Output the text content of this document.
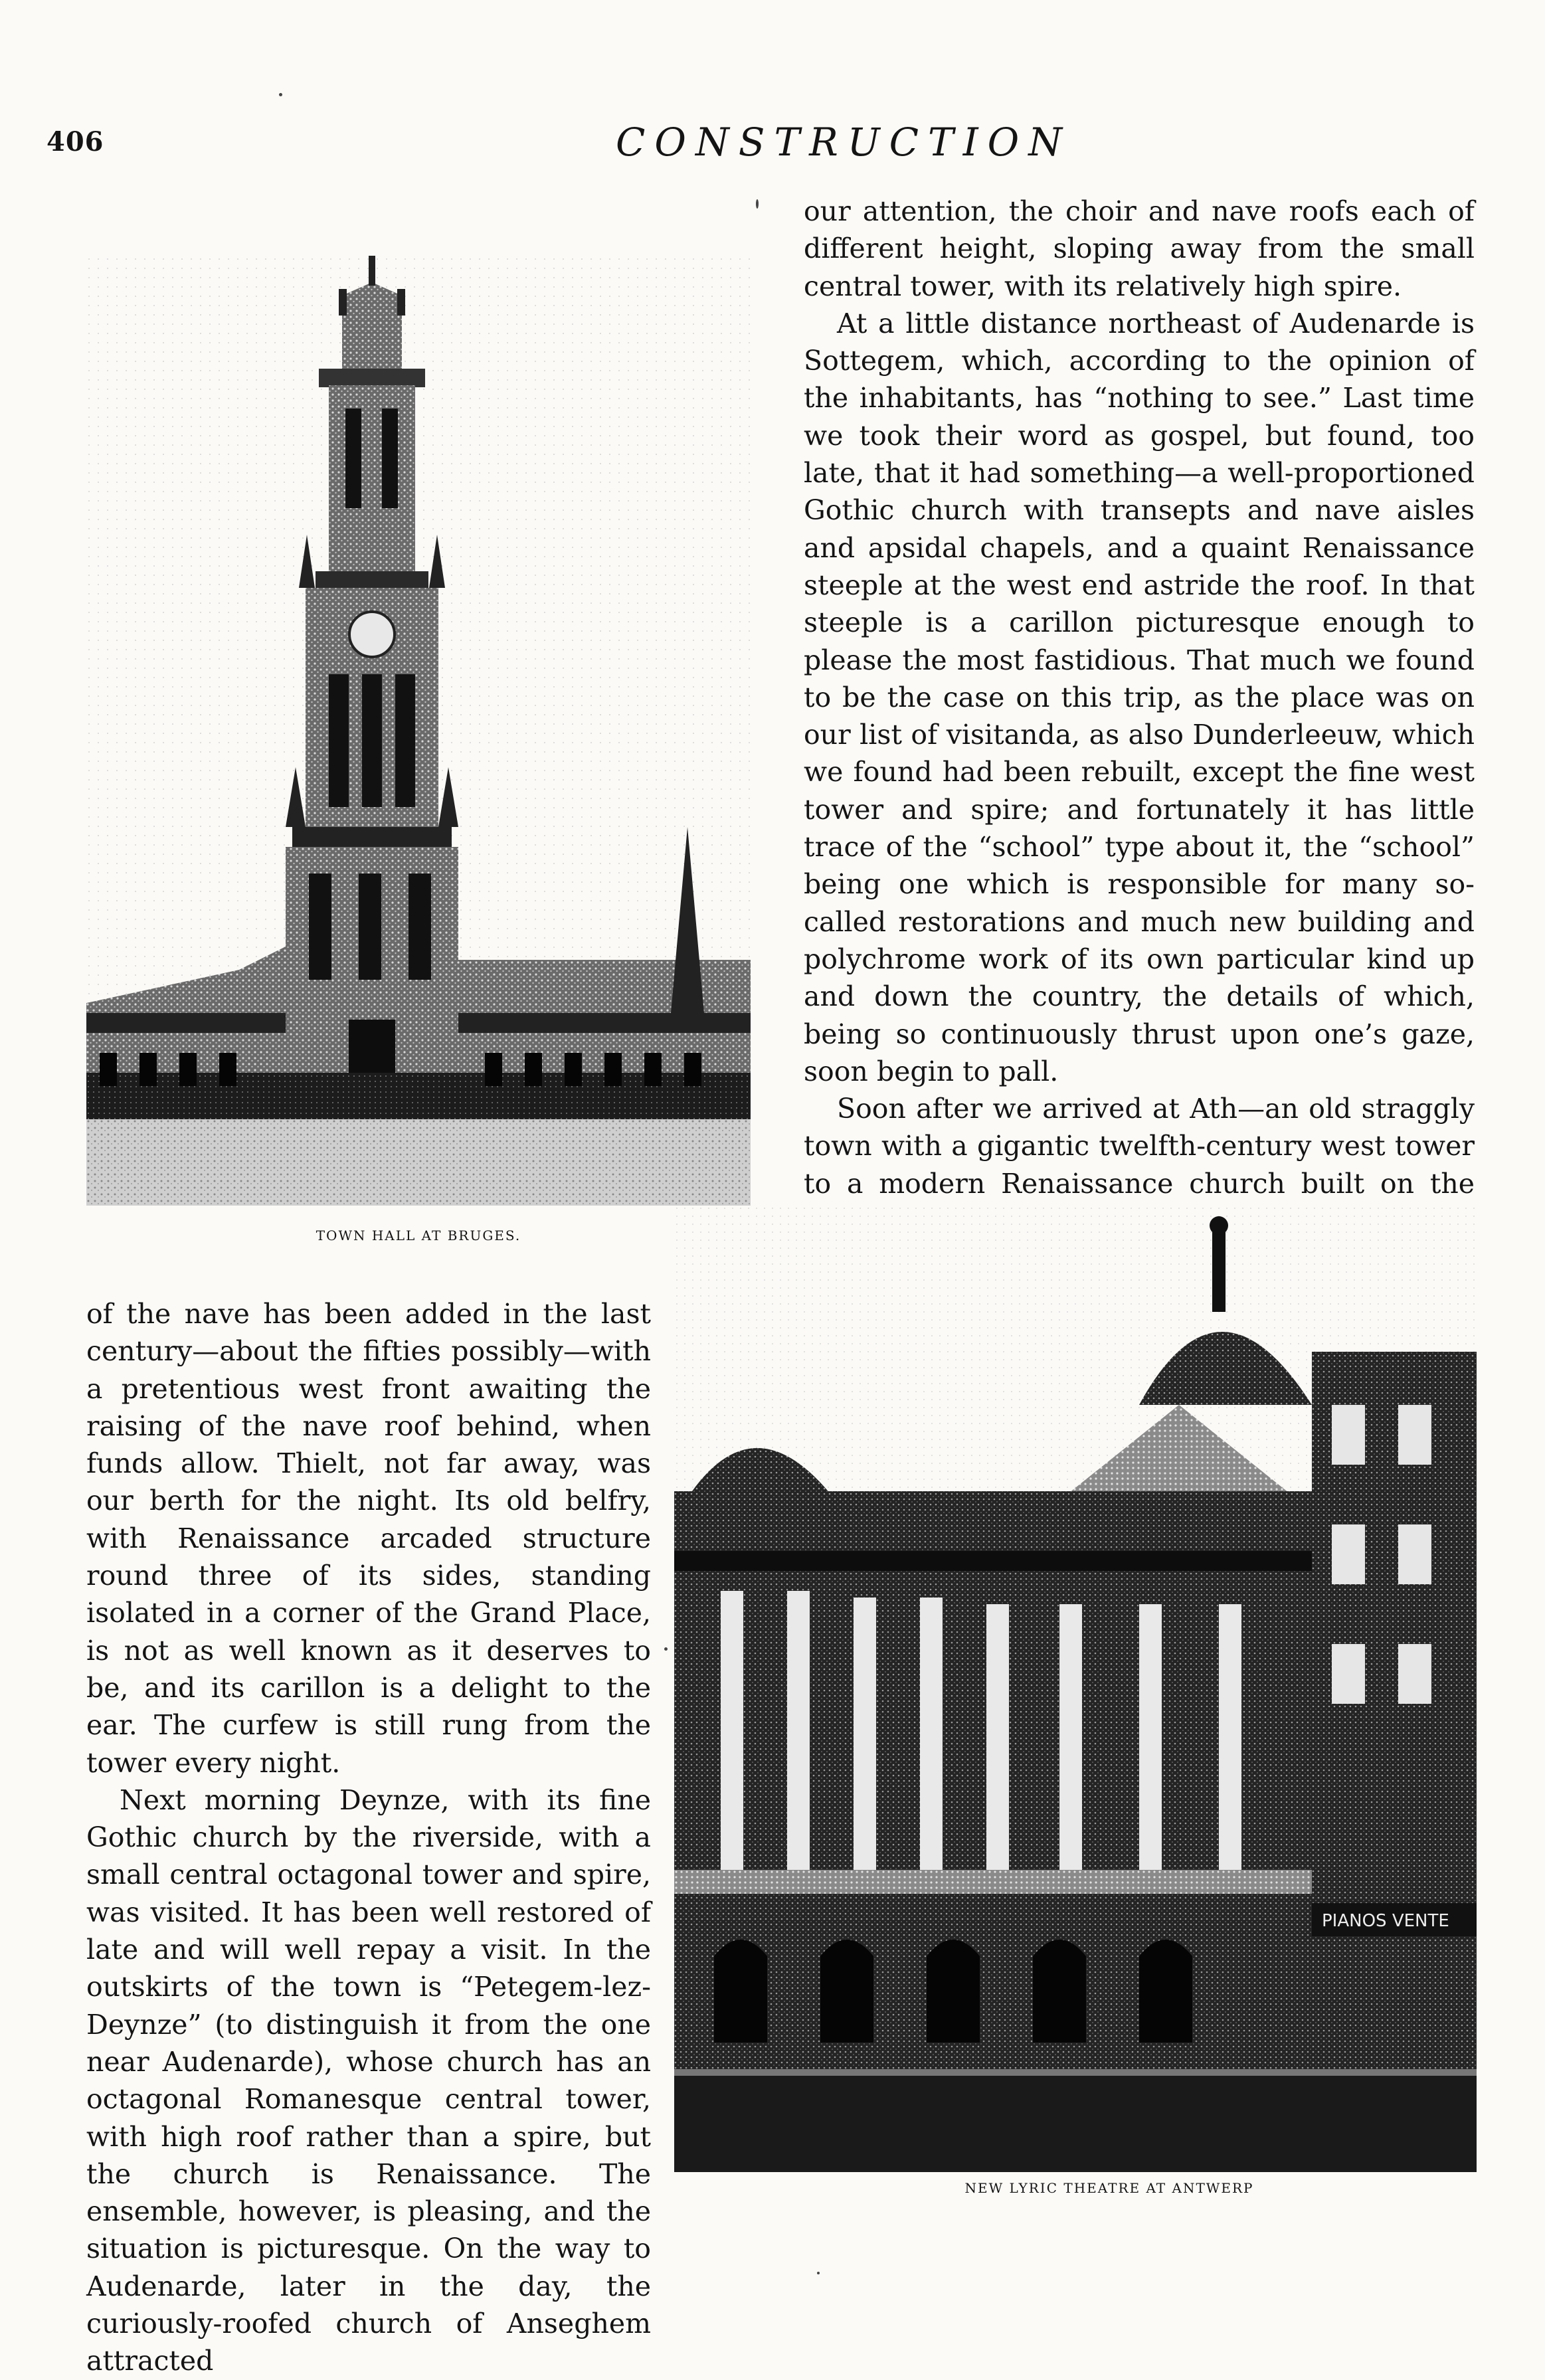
406	CONSTRUCTION
TOWN HALL AT BRUGES.

our attention, the choir and nave roofs each of different height, sloping away from the small central tower, with its relatively high spire.

At a little distance northeast of Audenarde is Sottegem, which, according to the opinion of the inhabitants, has “nothing to see.” Last time we took their word as gospel, but found, too late, that it had something—a well-proportioned Gothic church with transepts and nave aisles and apsidal chapels, and a quaint Renaissance steeple at the west end astride the roof. In that steeple is a carillon picturesque enough to please the most fastidious. That much we found to be the case on this trip, as the place was on our list of visitanda, as also Dunderleeuw, which we found had been rebuilt, except the fine west tower and spire; and fortunately it has little trace of the “school” type about it, the “school” being one which is responsible for many so-called restorations and much new building and polychrome work of its own particular kind up and down the country, the details of which, being so continuously thrust upon one’s gaze, soon begin to pall.

Soon after we arrived at Ath—an old straggly town with a gigantic twelfth-century west tower to a modern Renaissance church built on the

of the nave has been added in the last century—about the fifties possibly—with a pretentious west front awaiting the raising of the nave roof behind, when funds allow. Thielt, not far away, was our berth for the night. Its old belfry, with Renaissance arcaded structure round three of its sides, standing isolated in a corner of the Grand Place, is not as well known as it deserves to be, and its carillon is a delight to the ear. The curfew is still rung from the tower every night.

Next morning Deynze, with its fine Gothic church by the riverside, with a small central octagonal tower and spire, was visited. It has been well restored of late and will well repay a visit. In the outskirts of the town is “Petegem-lez-Deynze” (to distinguish it from the one near Audenarde), whose church has an octagonal Romanesque central tower, with high roof rather than a spire, but the church is Renaissance. The ensemble, however, is pleasing, and the situation is picturesque. On the way to Audenarde, later in the day, the curiously-roofed church of Anseghem attracted

PIANOS VENTE
NEW LYRIC THEATRE AT ANTWERP
